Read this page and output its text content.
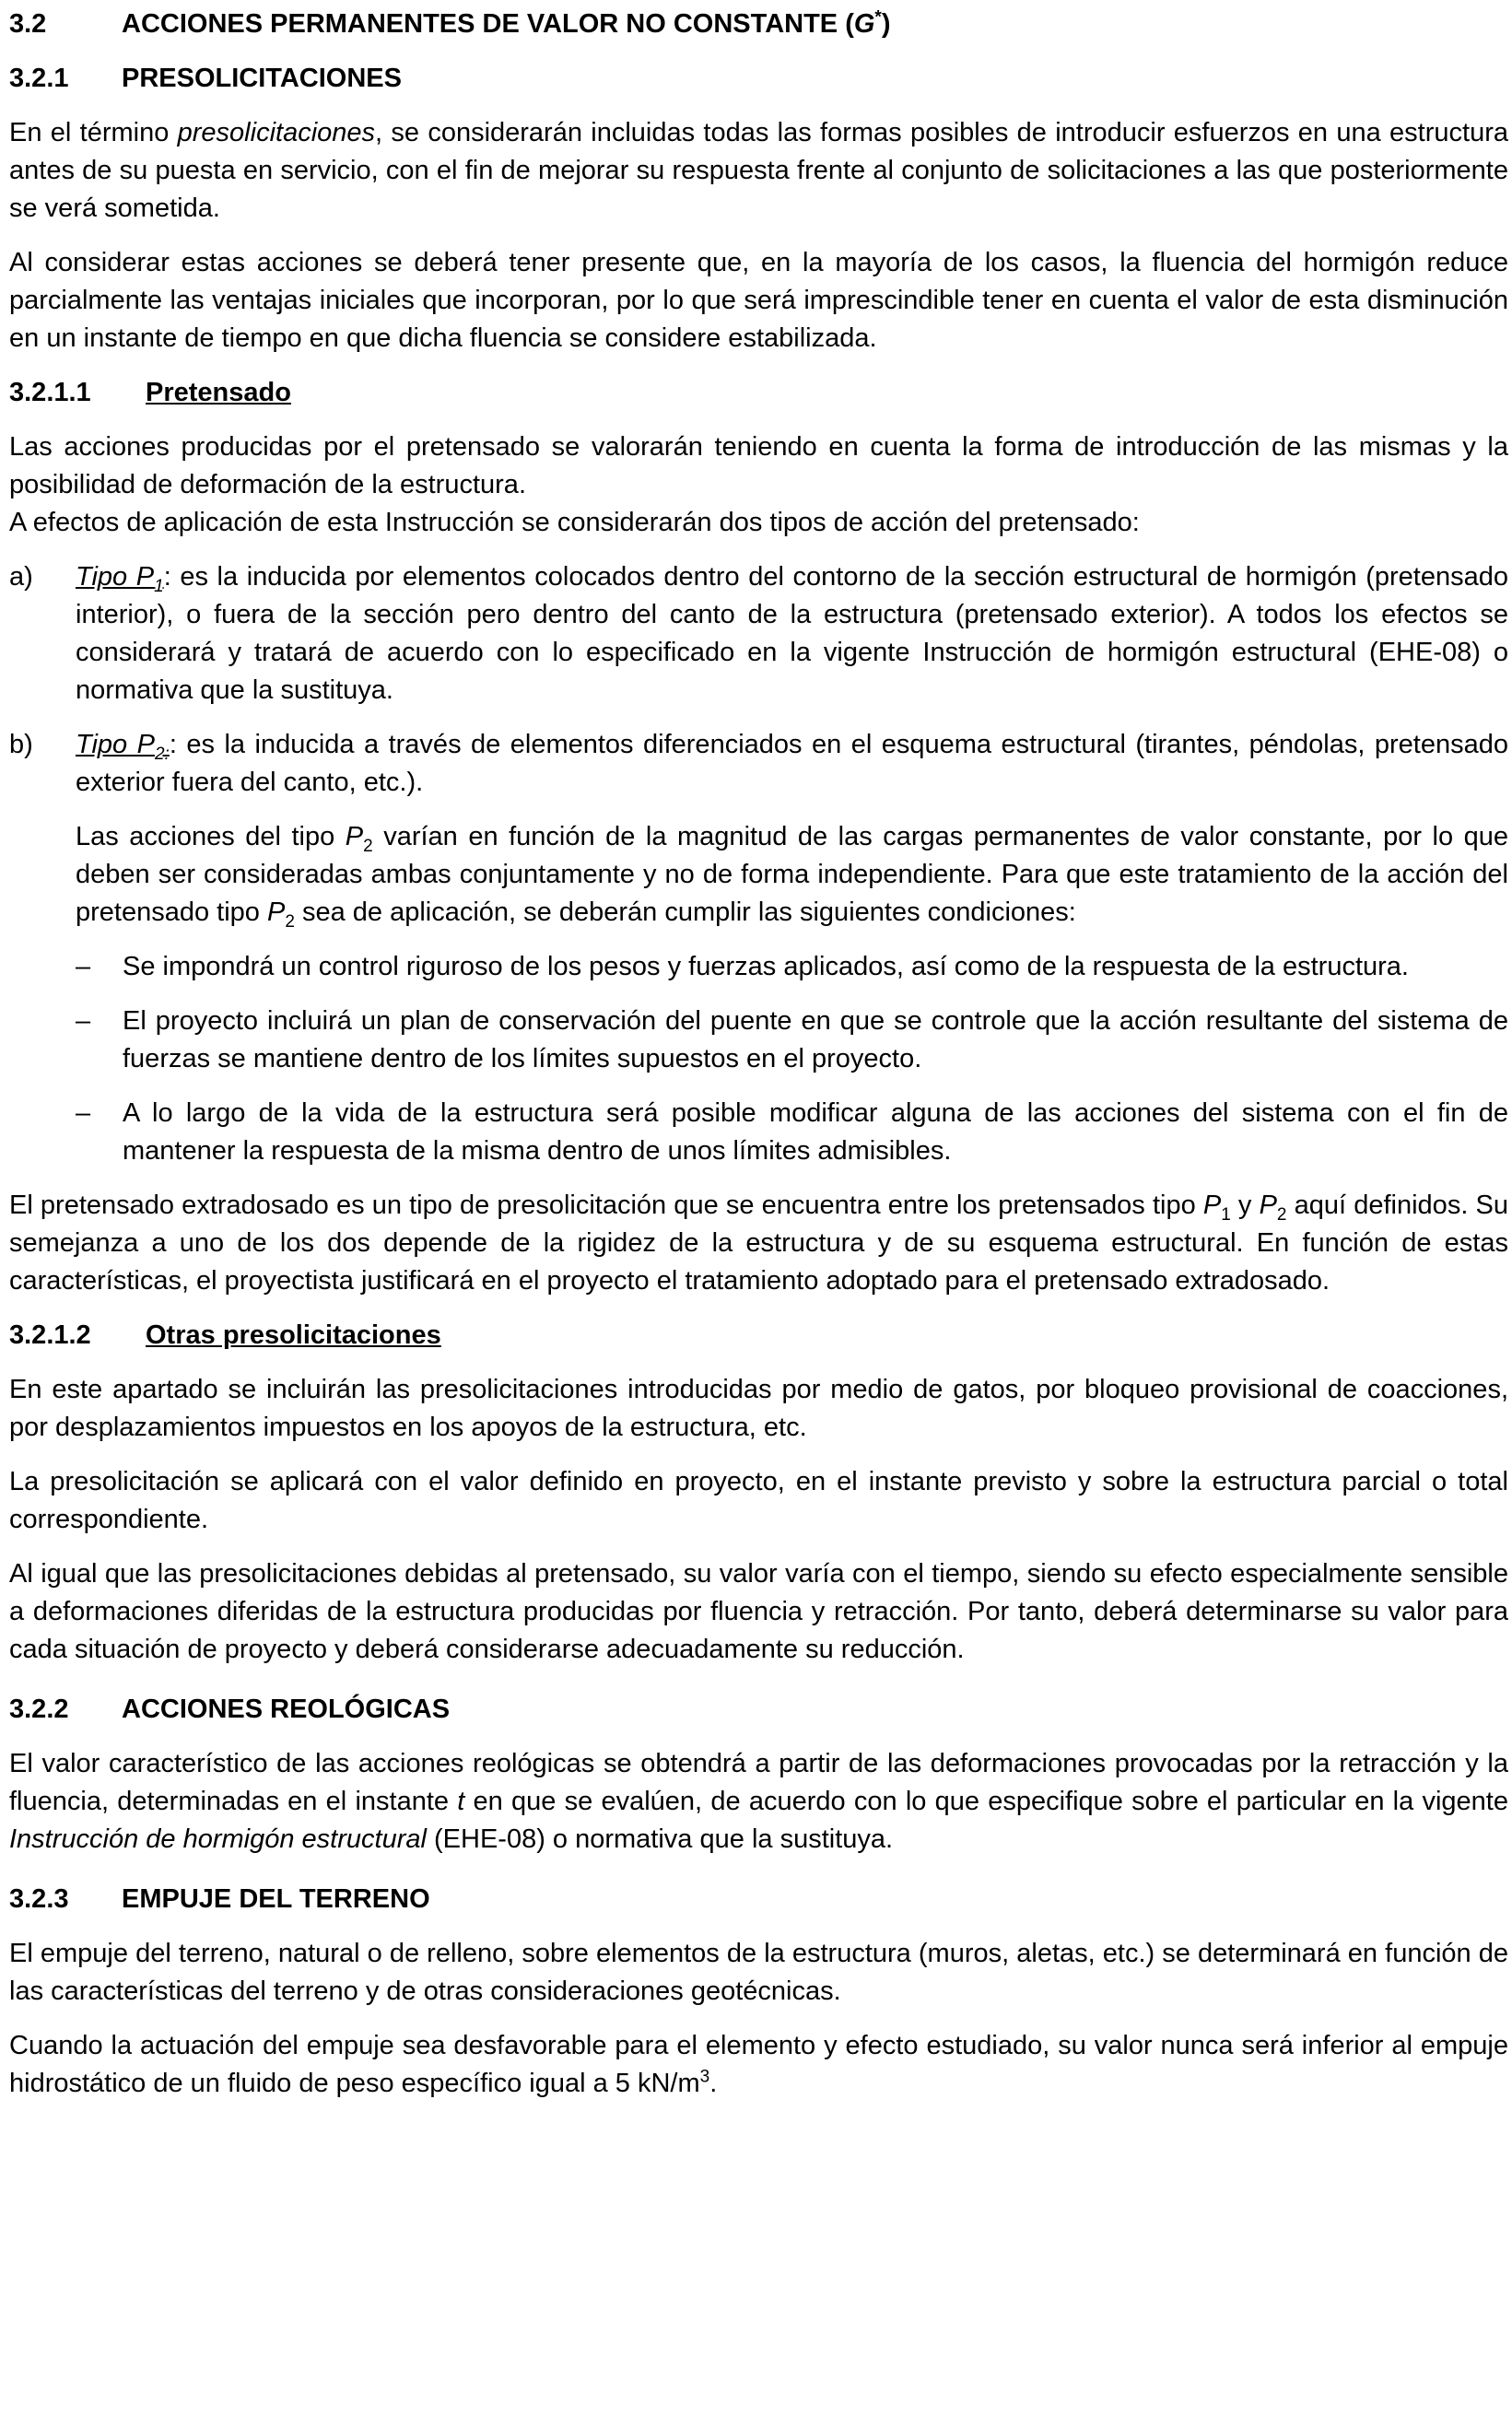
3.2	ACCIONES PERMANENTES DE VALOR NO CONSTANTE (G*)
3.2.1	PRESOLICITACIONES

En el término presolicitaciones, se considerarán incluidas todas las formas posibles de introducir esfuerzos en una estructura antes de su puesta en servicio, con el fin de mejorar su respuesta frente al conjunto de solicitaciones a las que posteriormente se verá sometida.

Al considerar estas acciones se deberá tener presente que, en la mayoría de los casos, la fluencia del hormigón reduce parcialmente las ventajas iniciales que incorporan, por lo que será imprescindible tener en cuenta el valor de esta disminución en un instante de tiempo en que dicha fluencia se considere estabilizada.

3.2.1.1	Pretensado

Las acciones producidas por el pretensado se valorarán teniendo en cuenta la forma de introducción de las mismas y la posibilidad de deformación de la estructura.

A efectos de aplicación de esta Instrucción se considerarán dos tipos de acción del pretensado:

a)	Tipo $P_1$: es la inducida por elementos colocados dentro del contorno de la sección estructural de hormigón (pretensado interior), o fuera de la sección pero dentro del canto de la estructura (pretensado exterior). A todos los efectos se considerará y tratará de acuerdo con lo especificado en la vigente Instrucción de hormigón estructural (EHE-08) o normativa que la sustituya.
b)	Tipo $P_{2:}$: es la inducida a través de elementos diferenciados en el esquema estructural (tirantes, péndolas, pretensado exterior fuera del canto, etc.).

Las acciones del tipo $P_2$ varían en función de la magnitud de las cargas permanentes de valor constante, por lo que deben ser consideradas ambas conjuntamente y no de forma independiente. Para que este tratamiento de la acción del pretensado tipo $P_2$ sea de aplicación, se deberán cumplir las siguientes condiciones:

–	Se impondrá un control riguroso de los pesos y fuerzas aplicados, así como de la respuesta de la estructura.
–	El proyecto incluirá un plan de conservación del puente en que se controle que la acción resultante del sistema de fuerzas se mantiene dentro de los límites supuestos en el proyecto.
–	A lo largo de la vida de la estructura será posible modificar alguna de las acciones del sistema con el fin de mantener la respuesta de la misma dentro de unos límites admisibles.

El pretensado extradosado es un tipo de presolicitación que se encuentra entre los pretensados tipo $P_1$ y $P_2$ aquí definidos. Su semejanza a uno de los dos depende de la rigidez de la estructura y de su esquema estructural. En función de estas características, el proyectista justificará en el proyecto el tratamiento adoptado para el pretensado extradosado.

3.2.1.2	Otras presolicitaciones

En este apartado se incluirán las presolicitaciones introducidas por medio de gatos, por bloqueo provisional de coacciones, por desplazamientos impuestos en los apoyos de la estructura, etc.

La presolicitación se aplicará con el valor definido en proyecto, en el instante previsto y sobre la estructura parcial o total correspondiente.

Al igual que las presolicitaciones debidas al pretensado, su valor varía con el tiempo, siendo su efecto especialmente sensible a deformaciones diferidas de la estructura producidas por fluencia y retracción. Por tanto, deberá determinarse su valor para cada situación de proyecto y deberá considerarse adecuadamente su reducción.

3.2.2	ACCIONES REOLÓGICAS

El valor característico de las acciones reológicas se obtendrá a partir de las deformaciones provocadas por la retracción y la fluencia, determinadas en el instante t en que se evalúen, de acuerdo con lo que especifique sobre el particular en la vigente Instrucción de hormigón estructural (EHE-08) o normativa que la sustituya.

3.2.3	EMPUJE DEL TERRENO

El empuje del terreno, natural o de relleno, sobre elementos de la estructura (muros, aletas, etc.) se determinará en función de las características del terreno y de otras consideraciones geotécnicas.

Cuando la actuación del empuje sea desfavorable para el elemento y efecto estudiado, su valor nunca será inferior al empuje hidrostático de un fluido de peso específico igual a 5 $kN/m^3$.
